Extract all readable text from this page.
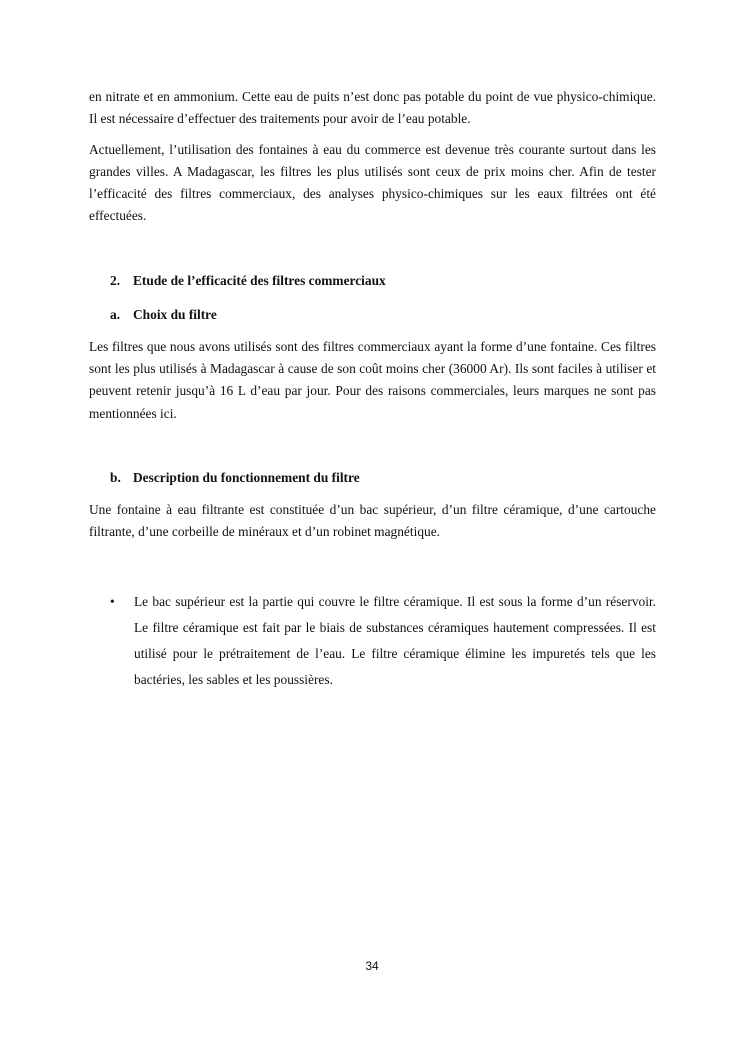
en nitrate et en ammonium. Cette eau de puits n’est donc pas potable du point de vue physico-chimique. Il est nécessaire d’effectuer des traitements pour avoir de l’eau potable.

Actuellement, l’utilisation des fontaines à eau du commerce est devenue très courante surtout dans les grandes villes. A Madagascar, les filtres les plus utilisés sont ceux de prix moins cher. Afin de tester l’efficacité des filtres commerciaux, des analyses physico-chimiques sur les eaux filtrées ont été effectuées.

2. Etude de l’efficacité des filtres commerciaux
a. Choix du filtre

Les filtres que nous avons utilisés sont des filtres commerciaux ayant la forme d’une fontaine. Ces filtres sont les plus utilisés à Madagascar à cause de son coût moins cher (36000 Ar). Ils sont faciles à utiliser et peuvent retenir jusqu’à 16 L d’eau par jour. Pour des raisons commerciales, leurs marques ne sont pas mentionnées ici.

b. Description du fonctionnement du filtre

Une fontaine à eau filtrante est constituée d’un bac supérieur, d’un filtre céramique, d’une cartouche filtrante, d’une corbeille de minéraux et d’un robinet magnétique.

• Le bac supérieur est la partie qui couvre le filtre céramique. Il est sous la forme d’un réservoir. Le filtre céramique est fait par le biais de substances céramiques hautement compressées. Il est utilisé pour le prétraitement de l’eau. Le filtre céramique élimine les impuretés tels que les bactéries, les sables et les poussières.

34
